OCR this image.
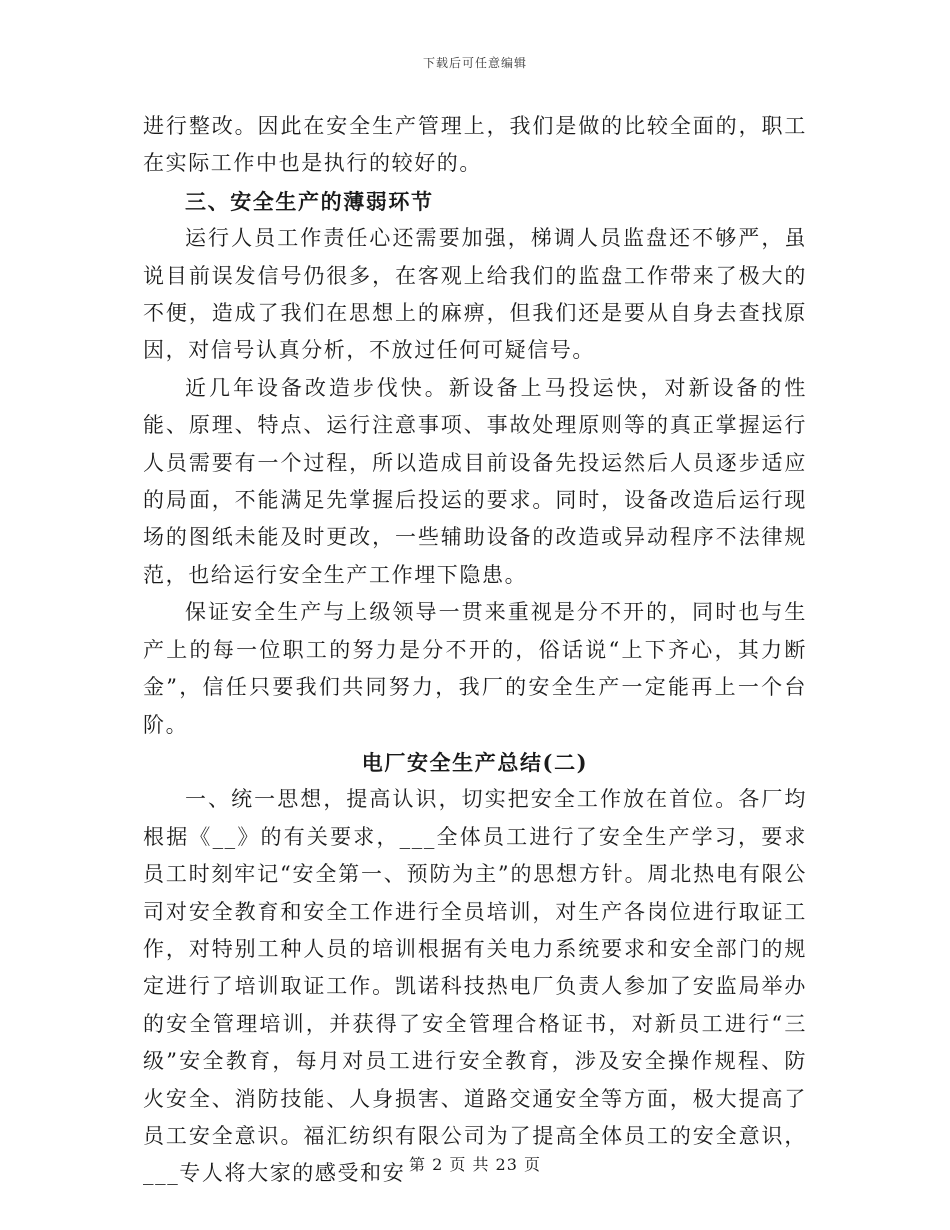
下载后可任意编辑

进行整改。因此在安全生产管理上，我们是做的比较全面的，职工在实际工作中也是执行的较好的。

三、安全生产的薄弱环节

运行人员工作责任心还需要加强，梯调人员监盘还不够严，虽说目前误发信号仍很多，在客观上给我们的监盘工作带来了极大的不便，造成了我们在思想上的麻痹，但我们还是要从自身去查找原因，对信号认真分析，不放过任何可疑信号。

近几年设备改造步伐快。新设备上马投运快，对新设备的性能、原理、特点、运行注意事项、事故处理原则等的真正掌握运行人员需要有一个过程，所以造成目前设备先投运然后人员逐步适应的局面，不能满足先掌握后投运的要求。同时，设备改造后运行现场的图纸未能及时更改，一些辅助设备的改造或异动程序不法律规范，也给运行安全生产工作埋下隐患。

保证安全生产与上级领导一贯来重视是分不开的，同时也与生产上的每一位职工的努力是分不开的，俗话说“上下齐心，其力断金”，信任只要我们共同努力，我厂的安全生产一定能再上一个台阶。

电厂安全生产总结(二)

一、统一思想，提高认识，切实把安全工作放在首位。各厂均根据《__》的有关要求，___全体员工进行了安全生产学习，要求员工时刻牢记“安全第一、预防为主”的思想方针。周北热电有限公司对安全教育和安全工作进行全员培训，对生产各岗位进行取证工作，对特别工种人员的培训根据有关电力系统要求和安全部门的规定进行了培训取证工作。凯诺科技热电厂负责人参加了安监局举办的安全管理培训，并获得了安全管理合格证书，对新员工进行“三级”安全教育，每月对员工进行安全教育，涉及安全操作规程、防火安全、消防技能、人身损害、道路交通安全等方面，极大提高了员工安全意识。福汇纺织有限公司为了提高全体员工的安全意识，___专人将大家的感受和安 第 2 页 共 23 页
